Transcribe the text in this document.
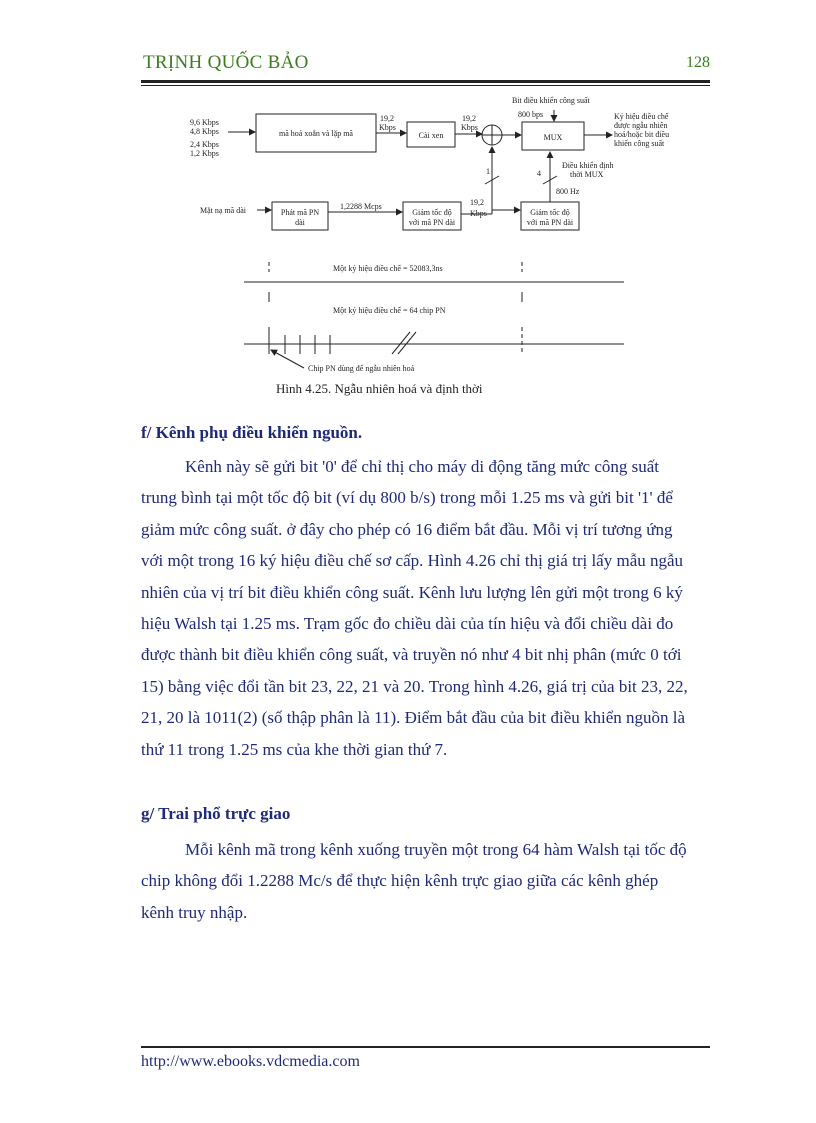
TRỊNH QUỐC BẢO	128
9,6 Kbps
4,8 Kbps
2,4 Kbps
1,2 Kbps
mã hoá xoắn và lặp mã
19,2
Kbps
Cài xen
19,2
Kbps
MUX
Bit điều khiển công suất
800 bps	Ký hiệu điều chế
được ngẫu nhiên
hoá/hoặc bit điều
khiển công suất
Điều khiển định
thời MUX
800 Hz
1	4
Mặt nạ mã dài	Phát mã PN
dài
1,2288 Mcps
Giảm tốc độ
với mã PN dài
19,2
Kbps	Giảm tốc độ
với mã PN dài
Một ký hiệu điều chế = 52083,3ns
Một ký hiệu điều chế = 64 chip PN
Chip PN dùng để ngẫu nhiên hoá
Hình 4.25. Ngẫu nhiên hoá và định thời
f/ Kênh phụ điều khiển nguồn.
Kênh này sẽ gửi bit '0' để chỉ thị cho máy di động tăng mức công suất
trung bình tại một tốc độ bit (ví dụ 800 b/s) trong mỗi 1.25 ms và gửi bit '1' để
giảm mức công suất. ở đây cho phép có 16 điểm bắt đầu. Mỗi vị trí tương ứng
với một trong 16 ký hiệu điều chế sơ cấp. Hình 4.26 chỉ thị giá trị lấy mẫu ngẫu
nhiên của vị trí bit điều khiển công suất. Kênh lưu lượng lên gửi một trong 6 ký
hiệu Walsh tại 1.25 ms. Trạm gốc đo chiều dài của tín hiệu và đổi chiều dài đo
được thành bit điều khiển công suất, và truyền nó như 4 bit nhị phân (mức 0 tới
15) bằng việc đổi tần bit 23, 22, 21 và 20. Trong hình 4.26, giá trị của bit 23, 22,
21, 20 là 1011(2) (số thập phân là 11). Điểm bắt đầu của bit điều khiển nguồn là
thứ 11 trong 1.25 ms của khe thời gian thứ 7.
g/ Trai phổ trực giao
Mỗi kênh mã trong kênh xuống truyền một trong 64 hàm Walsh tại tốc độ
chip không đổi 1.2288 Mc/s để thực hiện kênh trực giao giữa các kênh ghép
kênh truy nhập.
http://www.ebooks.vdcmedia.com
